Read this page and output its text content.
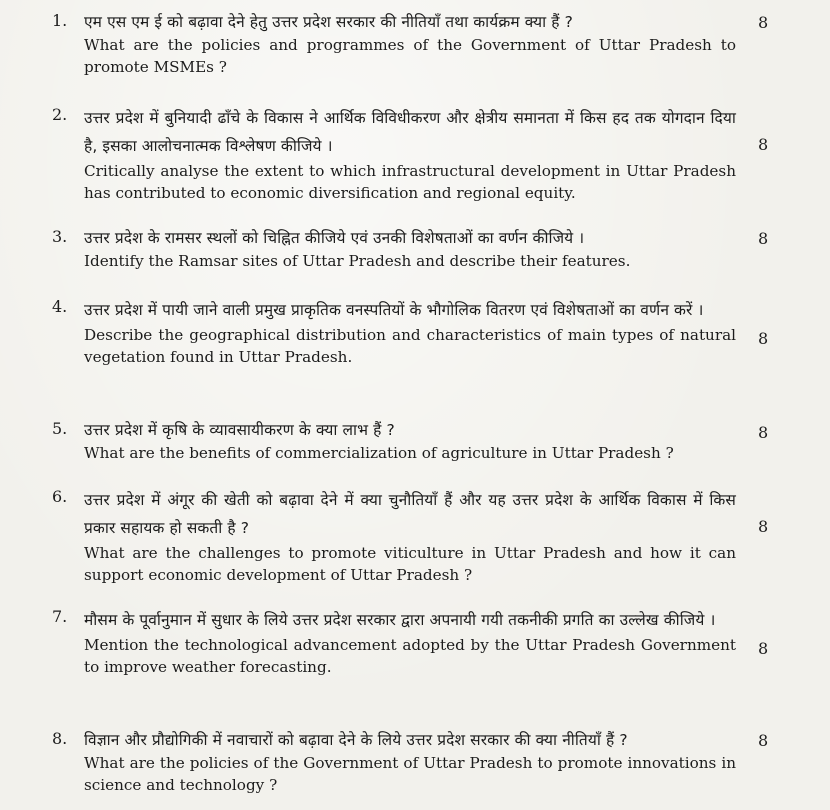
1. एम एस एम ई को बढ़ावा देने हेतु उत्तर प्रदेश सरकार की नीतियाँ तथा कार्यक्रम क्या हैं ?

What are the policies and programmes of the Government of Uttar Pradesh to promote MSMEs ?

8
2. उत्तर प्रदेश में बुनियादी ढाँचे के विकास ने आर्थिक विविधीकरण और क्षेत्रीय समानता में किस हद तक योगदान दिया है, इसका आलोचनात्मक विश्लेषण कीजिये ।

Critically analyse the extent to which infrastructural development in Uttar Pradesh has contributed to economic diversification and regional equity.

8
3. उत्तर प्रदेश के रामसर स्थलों को चिह्नित कीजिये एवं उनकी विशेषताओं का वर्णन कीजिये ।

Identify the Ramsar sites of Uttar Pradesh and describe their features.

8
4. उत्तर प्रदेश में पायी जाने वाली प्रमुख प्राकृतिक वनस्पतियों के भौगोलिक वितरण एवं विशेषताओं का वर्णन करें ।

Describe the geographical distribution and characteristics of main types of natural vegetation found in Uttar Pradesh.

8
5. उत्तर प्रदेश में कृषि के व्यावसायीकरण के क्या लाभ हैं ?

What are the benefits of commercialization of agriculture in Uttar Pradesh ?

8
6. उत्तर प्रदेश में अंगूर की खेती को बढ़ावा देने में क्या चुनौतियाँ हैं और यह उत्तर प्रदेश के आर्थिक विकास में किस प्रकार सहायक हो सकती है ?

What are the challenges to promote viticulture in Uttar Pradesh and how it can support economic development of Uttar Pradesh ?

8
7. मौसम के पूर्वानुमान में सुधार के लिये उत्तर प्रदेश सरकार द्वारा अपनायी गयी तकनीकी प्रगति का उल्लेख कीजिये ।

Mention the technological advancement adopted by the Uttar Pradesh Government to improve weather forecasting.

8
8. विज्ञान और प्रौद्योगिकी में नवाचारों को बढ़ावा देने के लिये उत्तर प्रदेश सरकार की क्या नीतियाँ हैं ?

What are the policies of the Government of Uttar Pradesh to promote innovations in science and technology ?

8
